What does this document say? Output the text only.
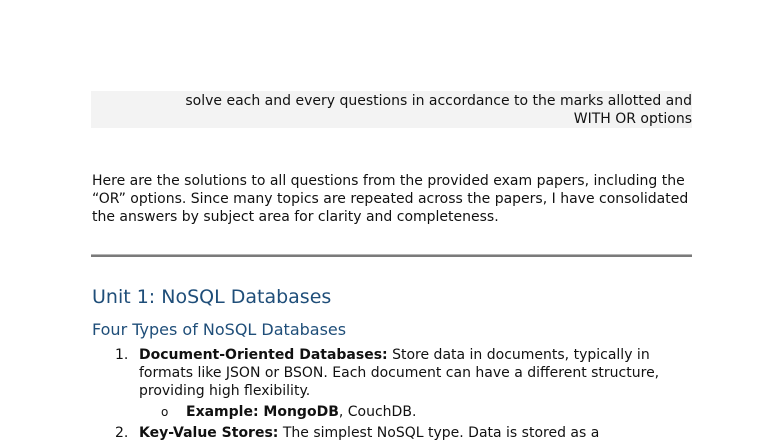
solve each and every questions in accordance to the marks allotted and
WITH OR options

Here are the solutions to all questions from the provided exam papers, including the “OR” options. Since many topics are repeated across the papers, I have consolidated the answers by subject area for clarity and completeness.

Unit 1: NoSQL Databases
Four Types of NoSQL Databases
1. Document-Oriented Databases: Store data in documents, typically in formats like JSON or BSON. Each document can have a different structure, providing high flexibility.
o Example: MongoDB, CouchDB.
2. Key-Value Stores: The simplest NoSQL type. Data is stored as a
